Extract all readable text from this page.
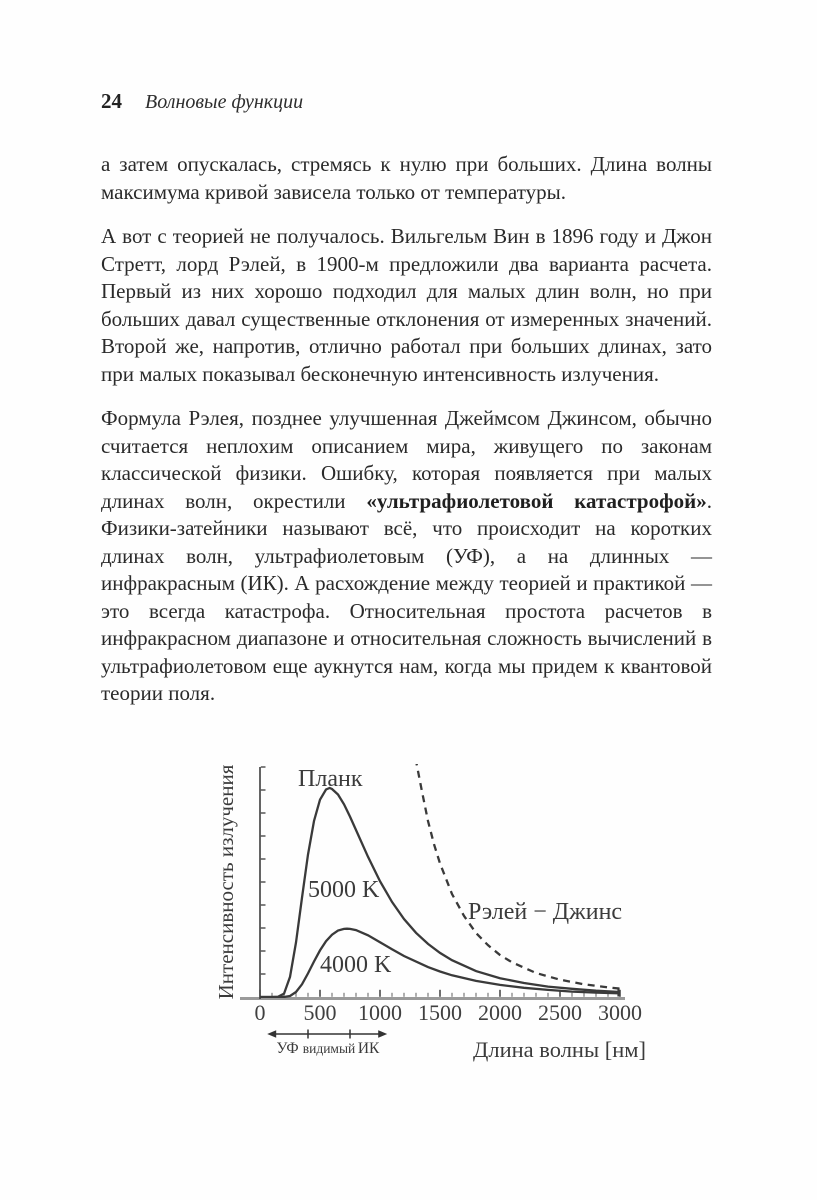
24 Волновые функции

а затем опускалась, стремясь к нулю при больших. Длина волны максимума кривой зависела только от температуры.

А вот с теорией не получалось. Вильгельм Вин в 1896 году и Джон Стретт, лорд Рэлей, в 1900-м предложили два варианта расчета. Первый из них хорошо подходил для малых длин волн, но при больших давал существенные отклонения от измеренных значений. Второй же, напротив, отлично работал при больших длинах, зато при малых показывал бесконечную интенсивность излучения.

Формула Рэлея, позднее улучшенная Джеймсом Джинсом, обычно считается неплохим описанием мира, живущего по законам классической физики. Ошибку, которая появляется при малых длинах волн, окрестили «ультрафиолетовой катастрофой». Физики-затейники называют всё, что происходит на коротких длинах волн, ультрафиолетовым (УФ), а на длинных — инфракрасным (ИК). А расхождение между теорией и практикой — это всегда катастрофа. Относительная простота расчетов в инфракрасном диапазоне и относительная сложность вычислений в ультрафиолетовом еще аукнутся нам, когда мы придем к квантовой теории поля.

0 500 1000 1500 2000 2500 3000
Планк
5000 K
4000 K
Рэлей − Джинс
Длина волны [нм]
Интенсивность излучения
УФ видимый ИК
